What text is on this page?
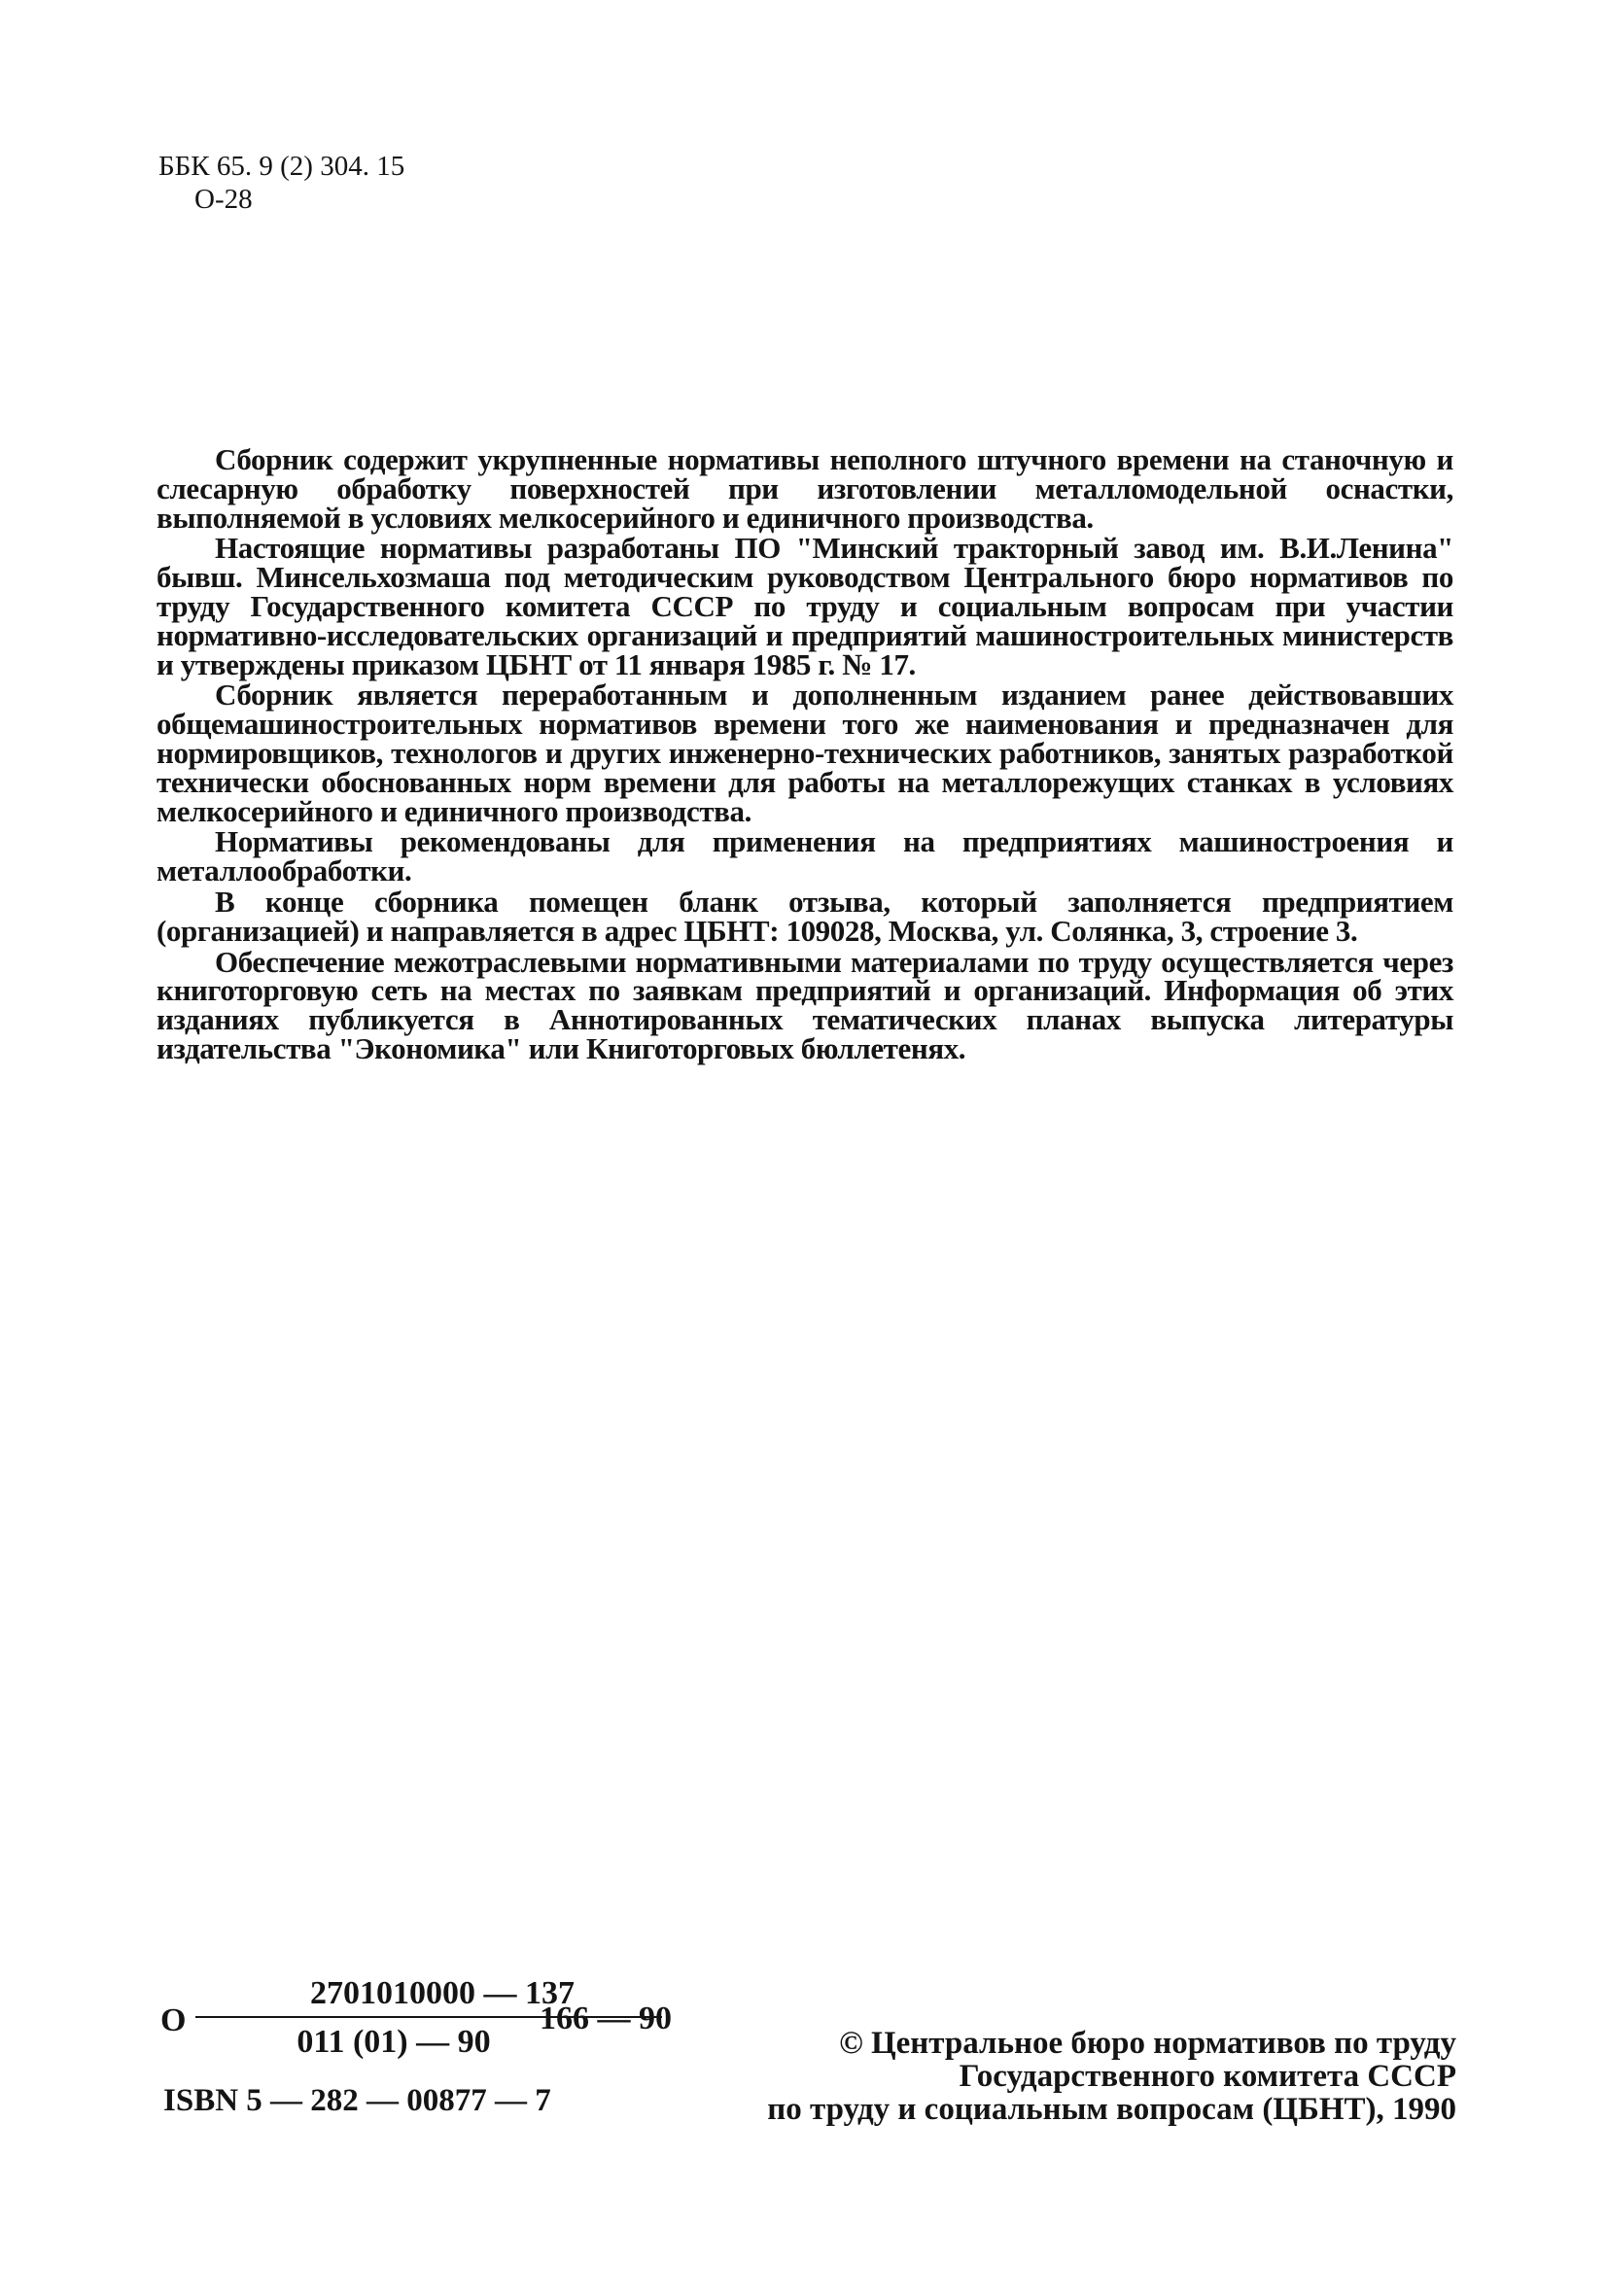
ББК 65. 9 (2) 304. 15
О-28

Сборник содержит укрупненные нормативы неполного штучного времени на станочную и слесарную обработку поверхностей при изготовлении металломодельной оснастки, выполняемой в условиях мелкосерийного и единичного производства.

Настоящие нормативы разработаны ПО "Минский тракторный завод им. В.И.Ленина" бывш. Минсельхозмаша под методическим руководством Центрального бюро нормативов по труду Государственного комитета СССР по труду и социальным вопросам при участии нормативно-исследовательских организаций и предприятий машиностроительных министерств и утверждены приказом ЦБНТ от 11 января 1985 г. № 17.

Сборник является переработанным и дополненным изданием ранее действовавших общемашиностроительных нормативов времени того же наименования и предназначен для нормировщиков, технологов и других инженерно-технических работников, занятых разработкой технически обоснованных норм времени для работы на металлорежущих станках в условиях мелкосерийного и единичного производства.

Нормативы рекомендованы для применения на предприятиях машиностроения и металлообработки.

В конце сборника помещен бланк отзыва, который заполняется предприятием (организацией) и направляется в адрес ЦБНТ: 109028, Москва, ул. Солянка, 3, строение 3.

Обеспечение межотраслевыми нормативными материалами по труду осуществляется через книготорговую сеть на местах по заявкам предприятий и организаций. Информация об этих изданиях публикуется в Аннотированных тематических планах выпуска литературы издательства "Экономика" или Книготорговых бюллетенях.

О
2701010000 — 137
011 (01) — 90
166 — 90
ISBN 5 — 282 — 00877 — 7
© Центральное бюро нормативов по труду
Государственного комитета СССР
по труду и социальным вопросам (ЦБНТ), 1990
